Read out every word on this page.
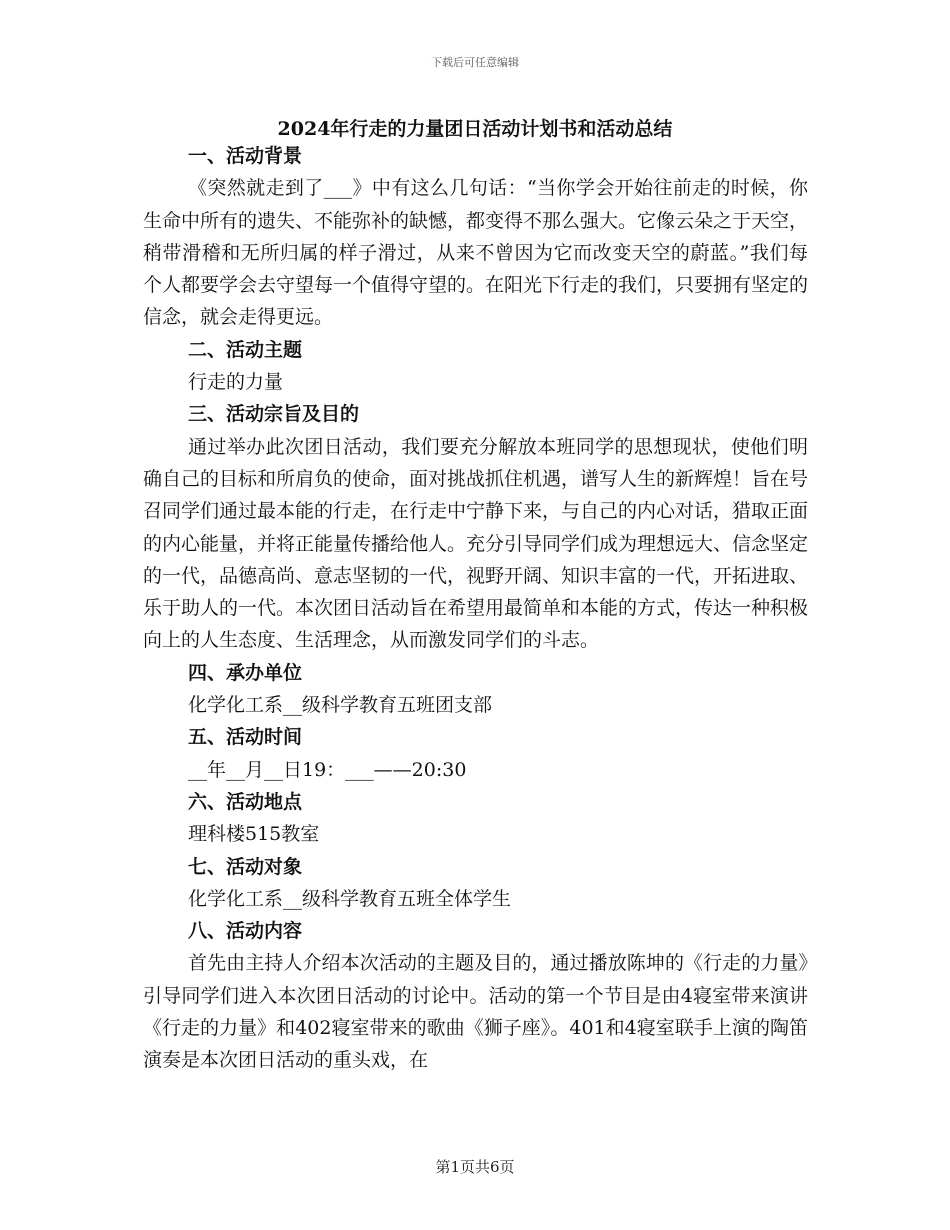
下载后可任意编辑
2024年行走的力量团日活动计划书和活动总结
一、活动背景

《突然就走到了___》中有这么几句话：“当你学会开始往前走的时候，你生命中所有的遗失、不能弥补的缺憾，都变得不那么强大。它像云朵之于天空，稍带滑稽和无所归属的样子滑过，从来不曾因为它而改变天空的蔚蓝。”我们每个人都要学会去守望每一个值得守望的。在阳光下行走的我们，只要拥有坚定的信念，就会走得更远。

二、活动主题

行走的力量

三、活动宗旨及目的

通过举办此次团日活动，我们要充分解放本班同学的思想现状，使他们明确自己的目标和所肩负的使命，面对挑战抓住机遇，谱写人生的新辉煌！旨在号召同学们通过最本能的行走，在行走中宁静下来，与自己的内心对话，猎取正面的内心能量，并将正能量传播给他人。充分引导同学们成为理想远大、信念坚定的一代，品德高尚、意志坚韧的一代，视野开阔、知识丰富的一代，开拓进取、乐于助人的一代。本次团日活动旨在希望用最简单和本能的方式，传达一种积极向上的人生态度、生活理念，从而激发同学们的斗志。

四、承办单位

化学化工系__级科学教育五班团支部

五、活动时间

__年__月__日19：___——20:30

六、活动地点

理科楼515教室

七、活动对象

化学化工系__级科学教育五班全体学生

八、活动内容

首先由主持人介绍本次活动的主题及目的，通过播放陈坤的《行走的力量》引导同学们进入本次团日活动的讨论中。活动的第一个节目是由4寝室带来演讲《行走的力量》和402寝室带来的歌曲《狮子座》。401和4寝室联手上演的陶笛演奏是本次团日活动的重头戏，在

第1页共6页
